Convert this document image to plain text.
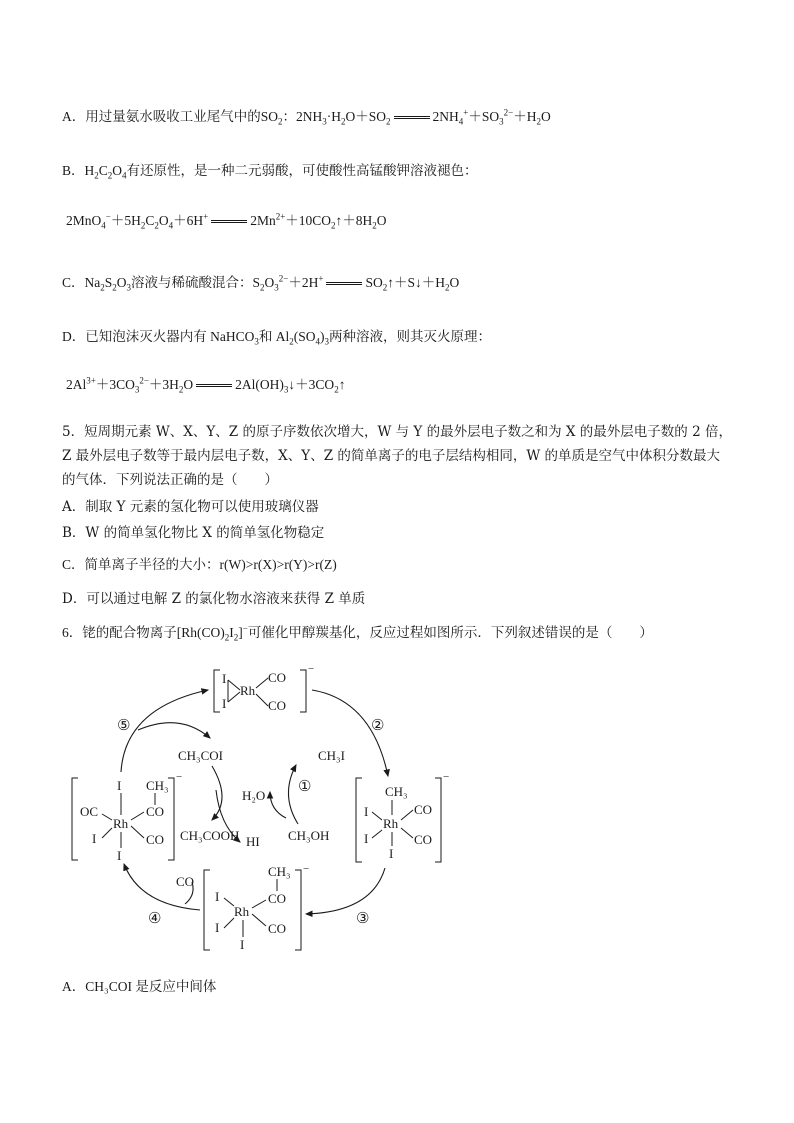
A．用过量氨水吸收工业尾气中的$SO_2$：$2NH_3\cdot H_2O+SO_2$	$2NH_4^++SO_3^{2-}+H_2O$
B．$H_2C_2O_4$有还原性，是一种二元弱酸，可使酸性高锰酸钾溶液褪色：
$2MnO_4^-+5H_2C_2O_4+6H^+$	$2Mn^{2+}+10CO_2↑+8H_2O$
C．$Na_2S_2O_3$溶液与稀硫酸混合：$S_2O_3^{2-}+2H^+$	$SO_2↑+S↓+H_2O$
D．已知泡沫灭火器内有 NaHCO$_3$和 $Al_2(SO_4)_3$两种溶液，则其灭火原理：
$2Al^{3+}+3CO_3^{2-}+3H_2O$	$2Al(OH)_3↓+3CO_2↑$
5．短周期元素 W、X、Y、Z 的原子序数依次增大，W 与 Y 的最外层电子数之和为 X 的最外层电子数的 2 倍，Z 最外层电子数等于最内层电子数，X、Y、Z 的简单离子的电子层结构相同，W 的单质是空气中体积分数最大的气体．下列说法正确的是（　　）
A．制取 Y 元素的氢化物可以使用玻璃仪器
B．W 的简单氢化物比 X 的简单氢化物稳定
C．简单离子半径的大小：r(W)>r(X)>r(Y)>r(Z)
D．可以通过电解 Z 的氯化物水溶液来获得 Z 单质
6．铑的配合物离子$[Rh(CO)_2I_2]^-$可催化甲醇羰基化，反应过程如图所示．下列叙述错误的是（　　）
−
Rh
I
I
CO
CO
−
CH₃
Rh
I
I
CO
CO
I
−
CH₃
CO
Rh
I
I	CO
I
−
I CH₃
CO
OC
Rh
I	CO
I
CH₃COI
H₂O
HI
CH₃COOH
CH₃I
CH₃OH
CO
⑤	②
①
③
④
A．CH₃COI 是反应中间体
